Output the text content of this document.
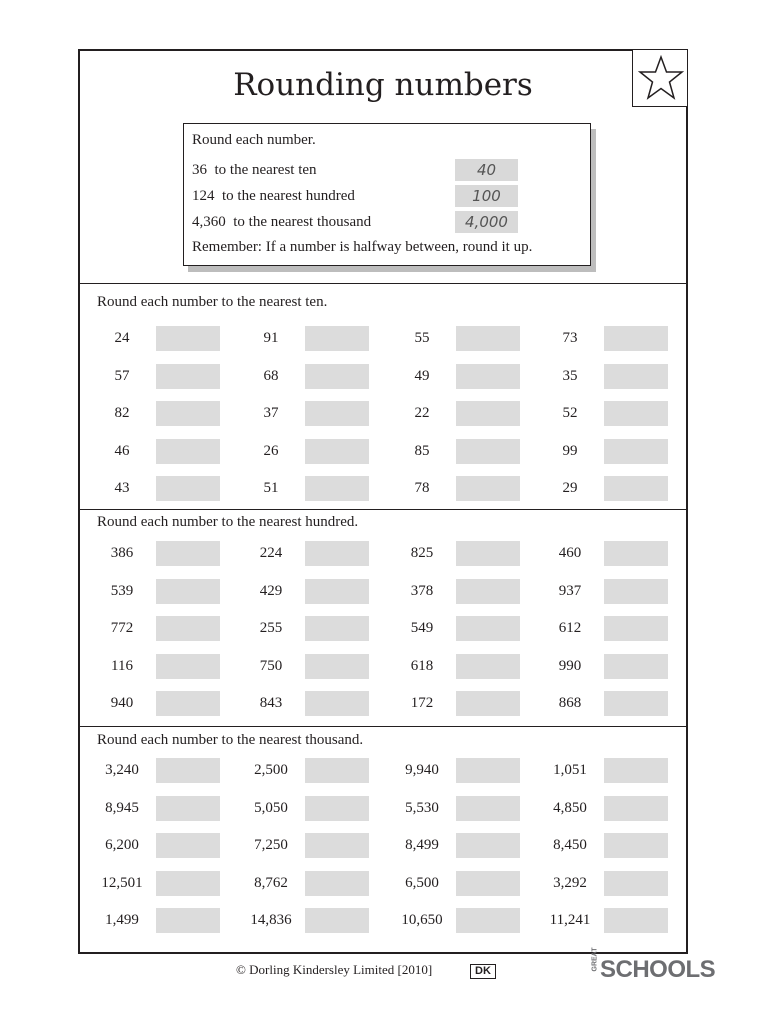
Rounding numbers
Round each number.
36  to the nearest ten	40
124  to the nearest hundred	100
4,360  to the nearest thousand	4,000
Remember: If a number is halfway between, round it up.
Round each number to the nearest ten.
24	91	55	73
57	68	49	35
82	37	22	52
46	26	85	99
43	51	78	29
Round each number to the nearest hundred.
386	224	825	460
539	429	378	937
772	255	549	612
116	750	618	990
940	843	172	868
Round each number to the nearest thousand.
3,240	2,500	9,940	1,051
8,945	5,050	5,530	4,850
6,200	7,250	8,499	8,450
12,501	8,762	6,500	3,292
1,499	14,836	10,650	11,241
© Dorling Kindersley Limited [2010]	DK	GREATSCHOOLS
